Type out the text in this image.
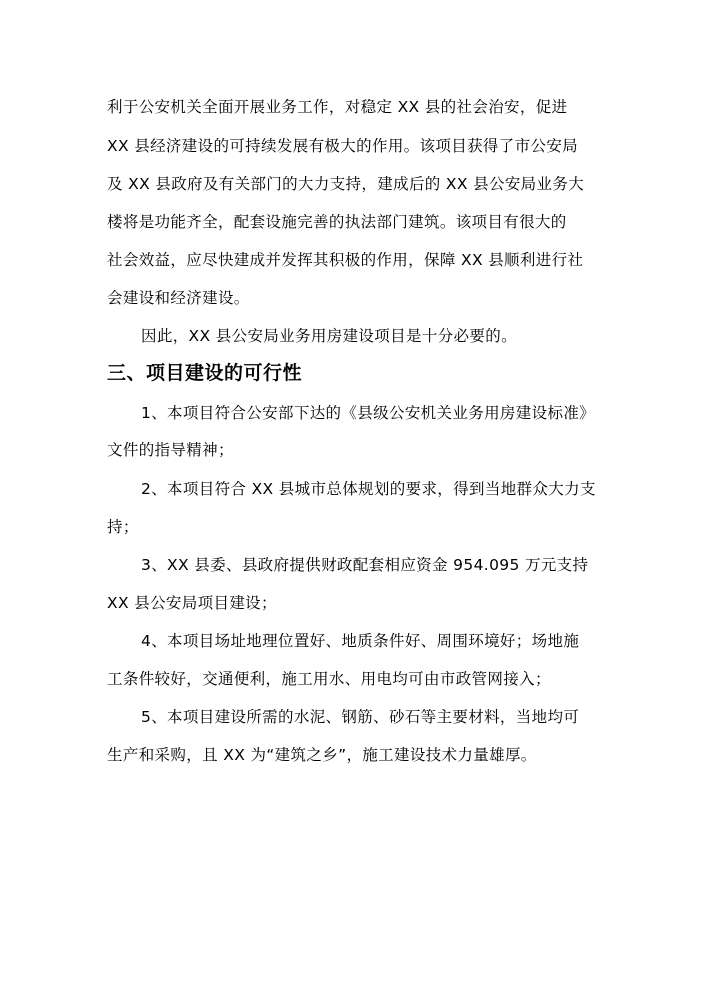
利于公安机关全面开展业务工作，对稳定 XX 县的社会治安，促进
XX 县经济建设的可持续发展有极大的作用。该项目获得了市公安局
及 XX 县政府及有关部门的大力支持，建成后的 XX 县公安局业务大
楼将是功能齐全，配套设施完善的执法部门建筑。该项目有很大的
社会效益，应尽快建成并发挥其积极的作用，保障 XX 县顺利进行社
会建设和经济建设。
因此，XX 县公安局业务用房建设项目是十分必要的。
三、项目建设的可行性
1、本项目符合公安部下达的《县级公安机关业务用房建设标准》
文件的指导精神；
2、本项目符合 XX 县城市总体规划的要求，得到当地群众大力支
持；
3、XX 县委、县政府提供财政配套相应资金 954.095 万元支持
XX 县公安局项目建设；
4、本项目场址地理位置好、地质条件好、周围环境好；场地施
工条件较好，交通便利，施工用水、用电均可由市政管网接入；
5、本项目建设所需的水泥、钢筋、砂石等主要材料，当地均可
生产和采购，且 XX 为“建筑之乡”，施工建设技术力量雄厚。
